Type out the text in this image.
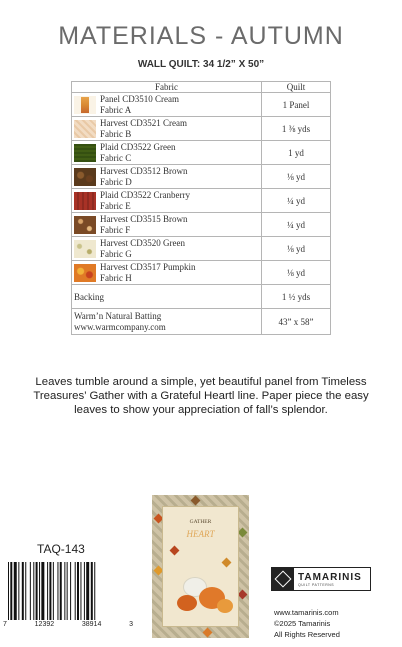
MATERIALS - AUTUMN
WALL QUILT: 34 1/2” X 50”
Fabric	Quilt

Panel CD3510 Cream
Fabric A	1 Panel

Harvest CD3521 Cream
Fabric B	1 ⅜ yds

Plaid CD3522 Green
Fabric C	1 yd

Harvest CD3512 Brown
Fabric D	⅛ yd

Plaid CD3522 Cranberry
Fabric E	¼ yd

Harvest CD3515 Brown
Fabric F	¼ yd

Harvest CD3520 Green
Fabric G	⅛ yd

Harvest CD3517 Pumpkin
Fabric H	⅛ yd
Backing	1 ½ yds

Warm’n Natural Batting
www.warmcompany.com	43” x 58”
Leaves tumble around a simple, yet beautiful panel from Timeless Treasures’ Gather with a Grateful Heartl line. Paper piece the easy leaves to show your appreciation of fall’s splendor.
GATHER
HEART
TAQ-143
7	12392	38914	3
TAMARINIS
QUILT PATTERNS
www.tamarinis.com
©2025 Tamarinis
All Rights Reserved
